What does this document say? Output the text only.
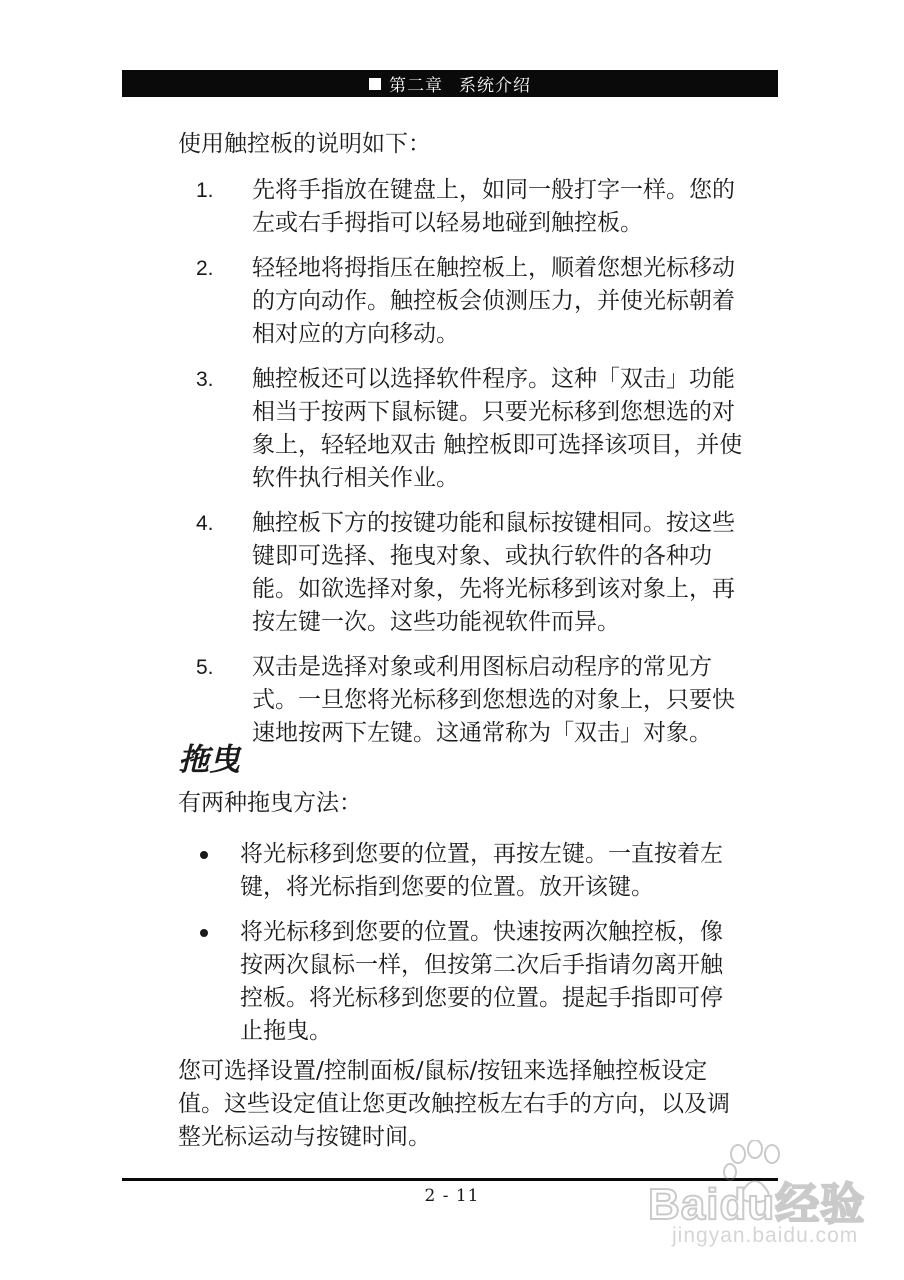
第二章 系统介绍
使用触控板的说明如下：
1. 先将手指放在键盘上，如同一般打字一样。您的
左或右手拇指可以轻易地碰到触控板。
2. 轻轻地将拇指压在触控板上，顺着您想光标移动
的方向动作。触控板会侦测压力，并使光标朝着
相对应的方向移动。
3. 触控板还可以选择软件程序。这种「双击」功能
相当于按两下鼠标键。只要光标移到您想选的对
象上，轻轻地双击 触控板即可选择该项目，并使
软件执行相关作业。
4. 触控板下方的按键功能和鼠标按键相同。按这些
键即可选择、拖曳对象、或执行软件的各种功
能。如欲选择对象，先将光标移到该对象上，再
按左键一次。这些功能视软件而异。
5. 双击是选择对象或利用图标启动程序的常见方
式。一旦您将光标移到您想选的对象上，只要快
速地按两下左键。这通常称为「双击」对象。
拖曳
有两种拖曳方法：
将光标移到您要的位置，再按左键。一直按着左
键，将光标指到您要的位置。放开该键。
将光标移到您要的位置。快速按两次触控板，像
按两次鼠标一样，但按第二次后手指请勿离开触
控板。将光标移到您要的位置。提起手指即可停
止拖曳。
您可选择设置/控制面板/鼠标/按钮来选择触控板设定
值。这些设定值让您更改触控板左右手的方向，以及调
整光标运动与按键时间。
2 - 11	Baidu经验
jingyan.baidu.com
